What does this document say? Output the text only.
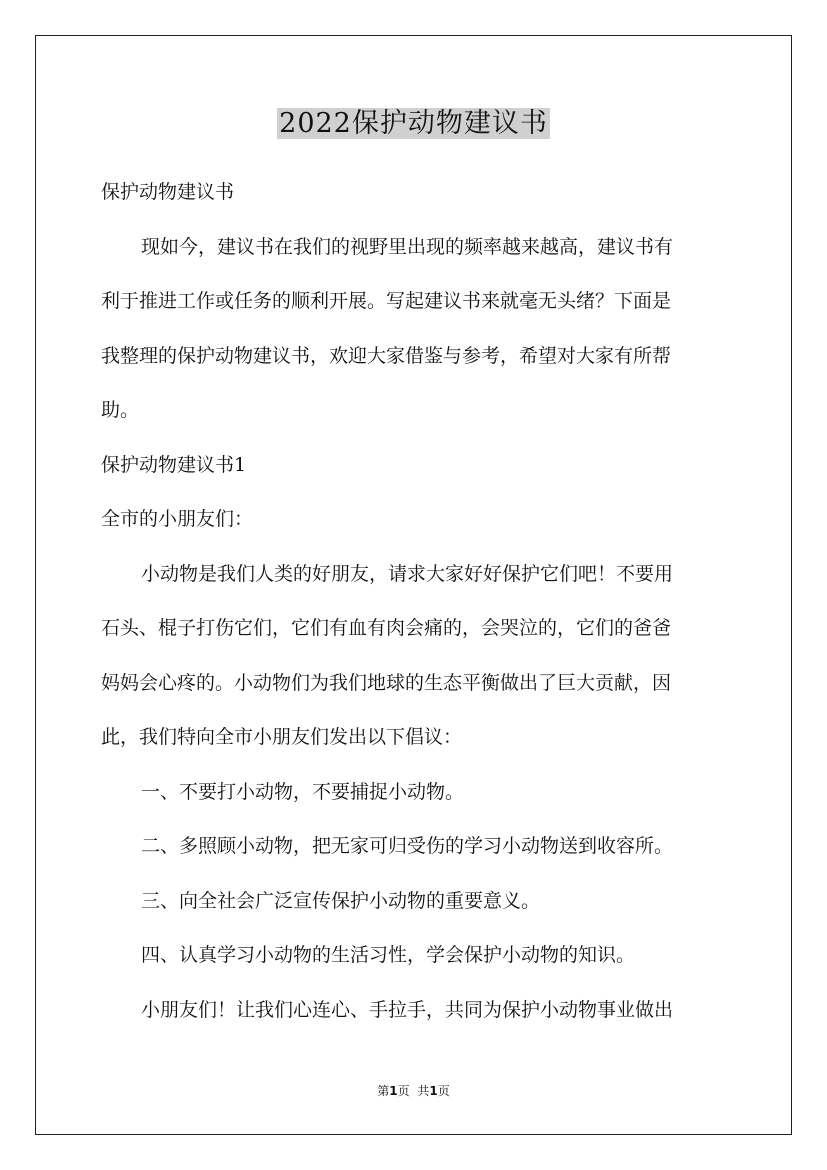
2022保护动物建议书
保护动物建议书
现如今，建议书在我们的视野里出现的频率越来越高，建议书有
利于推进工作或任务的顺利开展。写起建议书来就毫无头绪？下面是
我整理的保护动物建议书，欢迎大家借鉴与参考，希望对大家有所帮
助。
保护动物建议书1
全市的小朋友们：
小动物是我们人类的好朋友，请求大家好好保护它们吧！不要用
石头、棍子打伤它们，它们有血有肉会痛的，会哭泣的，它们的爸爸
妈妈会心疼的。小动物们为我们地球的生态平衡做出了巨大贡献，因
此，我们特向全市小朋友们发出以下倡议：
一、不要打小动物，不要捕捉小动物。
二、多照顾小动物，把无家可归受伤的学习小动物送到收容所。
三、向全社会广泛宣传保护小动物的重要意义。
四、认真学习小动物的生活习性，学会保护小动物的知识。
小朋友们！让我们心连心、手拉手，共同为保护小动物事业做出
第1页 共1页
